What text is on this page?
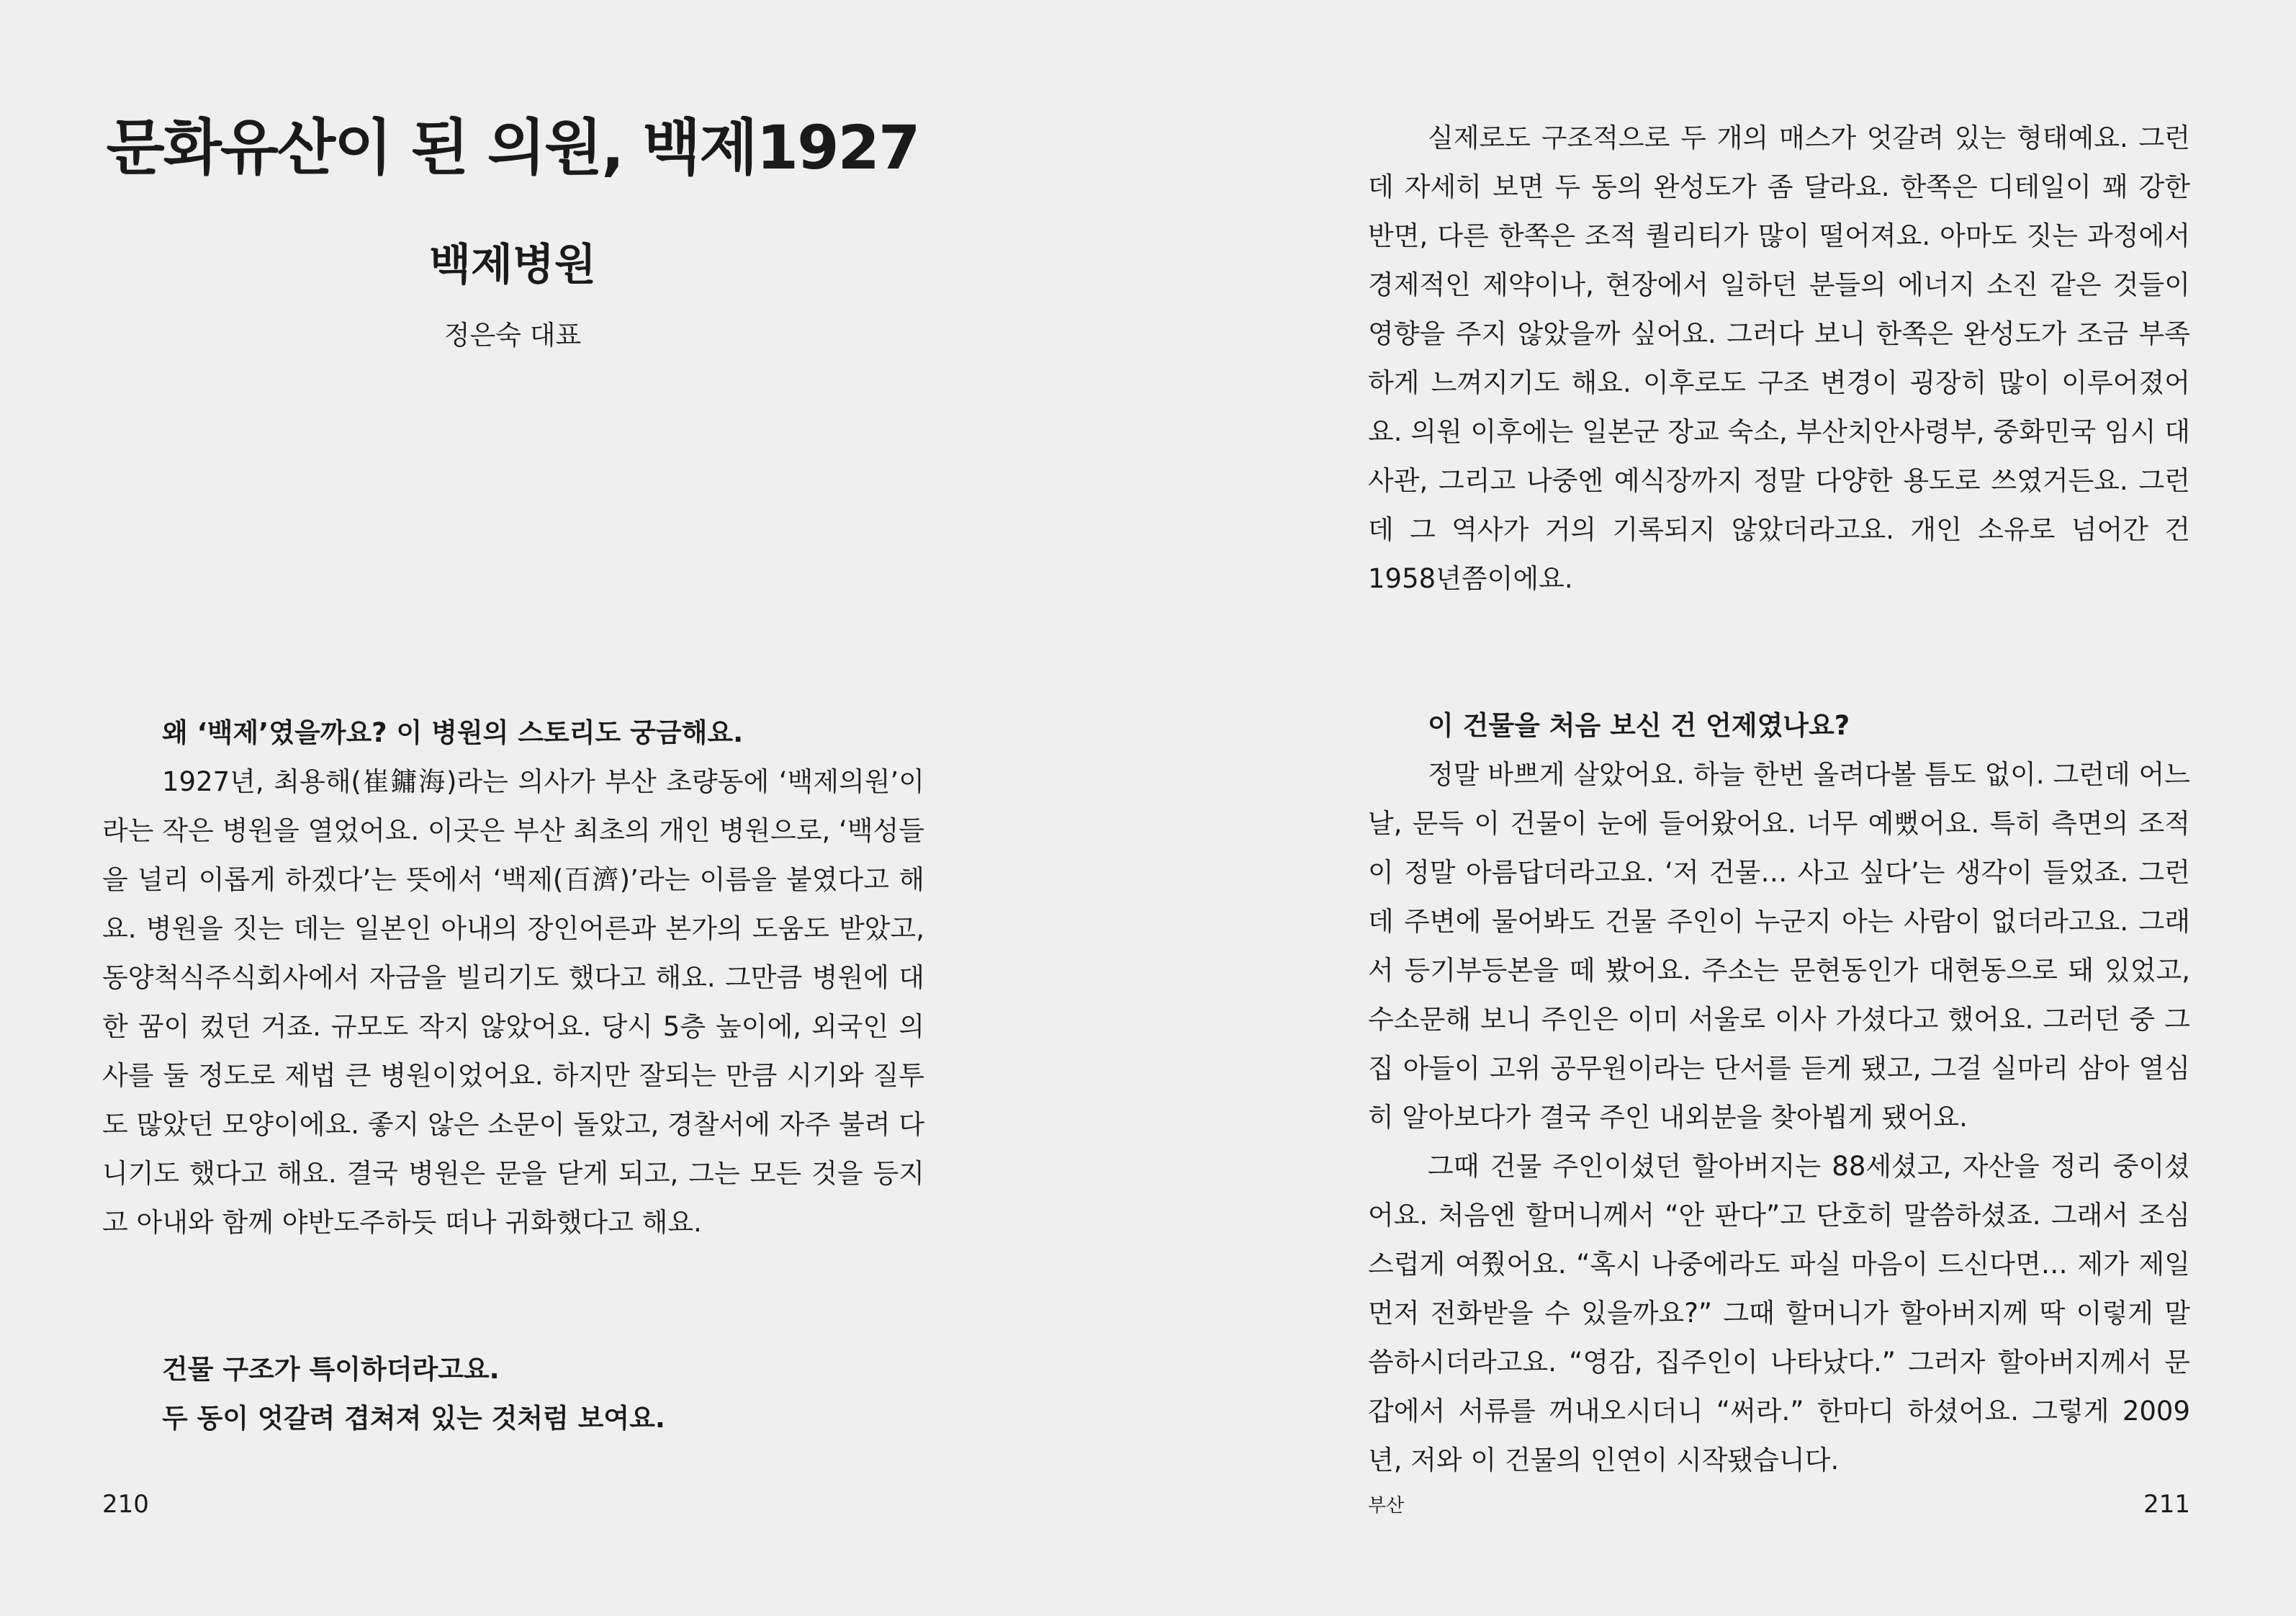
문화유산이 된 의원, 백제1927
백제병원
정은숙 대표

왜 ‘백제’였을까요? 이 병원의 스토리도 궁금해요.

1927년, 최용해(崔鏞海)라는 의사가 부산 초량동에 ‘백제의원’이라는 작은 병원을 열었어요. 이곳은 부산 최초의 개인 병원으로, ‘백성들을 널리 이롭게 하겠다’는 뜻에서 ‘백제(百濟)’라는 이름을 붙였다고 해요. 병원을 짓는 데는 일본인 아내의 장인어른과 본가의 도움도 받았고, 동양척식주식회사에서 자금을 빌리기도 했다고 해요. 그만큼 병원에 대한 꿈이 컸던 거죠. 규모도 작지 않았어요. 당시 5층 높이에, 외국인 의사를 둘 정도로 제법 큰 병원이었어요. 하지만 잘되는 만큼 시기와 질투도 많았던 모양이에요. 좋지 않은 소문이 돌았고, 경찰서에 자주 불려 다니기도 했다고 해요. 결국 병원은 문을 닫게 되고, 그는 모든 것을 등지고 아내와 함께 야반도주하듯 떠나 귀화했다고 해요.

건물 구조가 특이하더라고요.

두 동이 엇갈려 겹쳐져 있는 것처럼 보여요.

210

실제로도 구조적으로 두 개의 매스가 엇갈려 있는 형태예요. 그런데 자세히 보면 두 동의 완성도가 좀 달라요. 한쪽은 디테일이 꽤 강한 반면, 다른 한쪽은 조적 퀄리티가 많이 떨어져요. 아마도 짓는 과정에서 경제적인 제약이나, 현장에서 일하던 분들의 에너지 소진 같은 것들이 영향을 주지 않았을까 싶어요. 그러다 보니 한쪽은 완성도가 조금 부족하게 느껴지기도 해요. 이후로도 구조 변경이 굉장히 많이 이루어졌어요. 의원 이후에는 일본군 장교 숙소, 부산치안사령부, 중화민국 임시 대사관, 그리고 나중엔 예식장까지 정말 다양한 용도로 쓰였거든요. 그런데 그 역사가 거의 기록되지 않았더라고요. 개인 소유로 넘어간 건 1958년쯤이에요.

이 건물을 처음 보신 건 언제였나요?

정말 바쁘게 살았어요. 하늘 한번 올려다볼 틈도 없이. 그런데 어느 날, 문득 이 건물이 눈에 들어왔어요. 너무 예뻤어요. 특히 측면의 조적이 정말 아름답더라고요. ‘저 건물… 사고 싶다’는 생각이 들었죠. 그런데 주변에 물어봐도 건물 주인이 누군지 아는 사람이 없더라고요. 그래서 등기부등본을 떼 봤어요. 주소는 문현동인가 대현동으로 돼 있었고, 수소문해 보니 주인은 이미 서울로 이사 가셨다고 했어요. 그러던 중 그 집 아들이 고위 공무원이라는 단서를 듣게 됐고, 그걸 실마리 삼아 열심히 알아보다가 결국 주인 내외분을 찾아뵙게 됐어요.

그때 건물 주인이셨던 할아버지는 88세셨고, 자산을 정리 중이셨어요. 처음엔 할머니께서 “안 판다”고 단호히 말씀하셨죠. 그래서 조심스럽게 여쭸어요. “혹시 나중에라도 파실 마음이 드신다면… 제가 제일 먼저 전화받을 수 있을까요?” 그때 할머니가 할아버지께 딱 이렇게 말씀하시더라고요. “영감, 집주인이 나타났다.” 그러자 할아버지께서 문갑에서 서류를 꺼내오시더니 “써라.” 한마디 하셨어요. 그렇게 2009년, 저와 이 건물의 인연이 시작됐습니다.

부산	211
